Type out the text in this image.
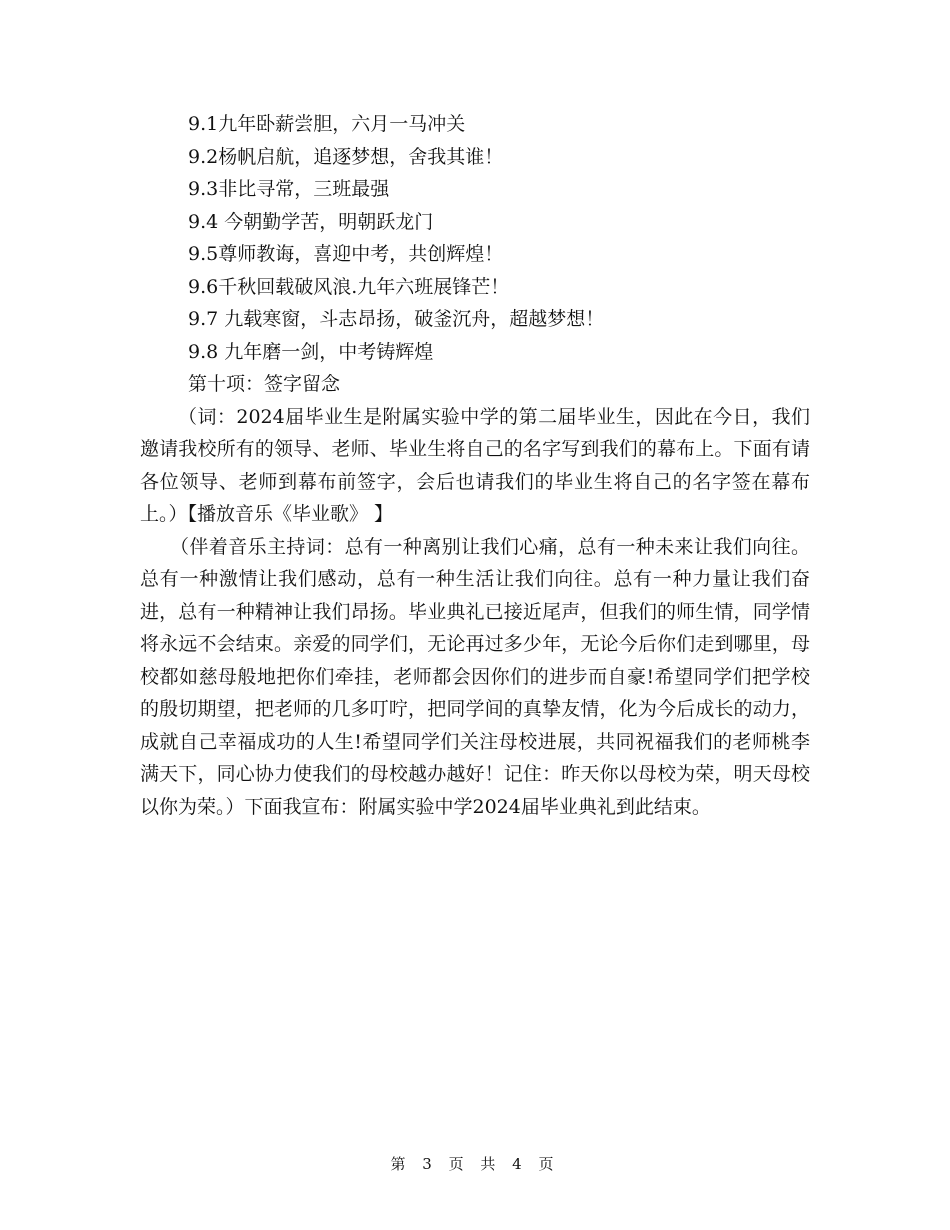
9.1九年卧薪尝胆，六月一马冲关

9.2杨帆启航，追逐梦想，舍我其谁！

9.3非比寻常，三班最强

9.4 今朝勤学苦，明朝跃龙门

9.5尊师教诲，喜迎中考，共创辉煌！

9.6千秋回载破风浪.九年六班展锋芒！

9.7 九载寒窗，斗志昂扬，破釜沉舟，超越梦想！

9.8 九年磨一剑，中考铸辉煌

第十项：签字留念

（词：2024届毕业生是附属实验中学的第二届毕业生，因此在今日，我们邀请我校所有的领导、老师、毕业生将自己的名字写到我们的幕布上。下面有请各位领导、老师到幕布前签字，会后也请我们的毕业生将自己的名字签在幕布上。）【播放音乐《毕业歌》 】

（伴着音乐主持词：总有一种离别让我们心痛，总有一种未来让我们向往。总有一种激情让我们感动，总有一种生活让我们向往。总有一种力量让我们奋进，总有一种精神让我们昂扬。毕业典礼已接近尾声，但我们的师生情，同学情将永远不会结束。亲爱的同学们，无论再过多少年，无论今后你们走到哪里，母校都如慈母般地把你们牵挂，老师都会因你们的进步而自豪!希望同学们把学校的殷切期望，把老师的几多叮咛，把同学间的真挚友情，化为今后成长的动力，成就自己幸福成功的人生!希望同学们关注母校进展，共同祝福我们的老师桃李满天下，同心协力使我们的母校越办越好！记住：昨天你以母校为荣，明天母校以你为荣。）下面我宣布：附属实验中学2024届毕业典礼到此结束。

第 3 页 共 4 页
